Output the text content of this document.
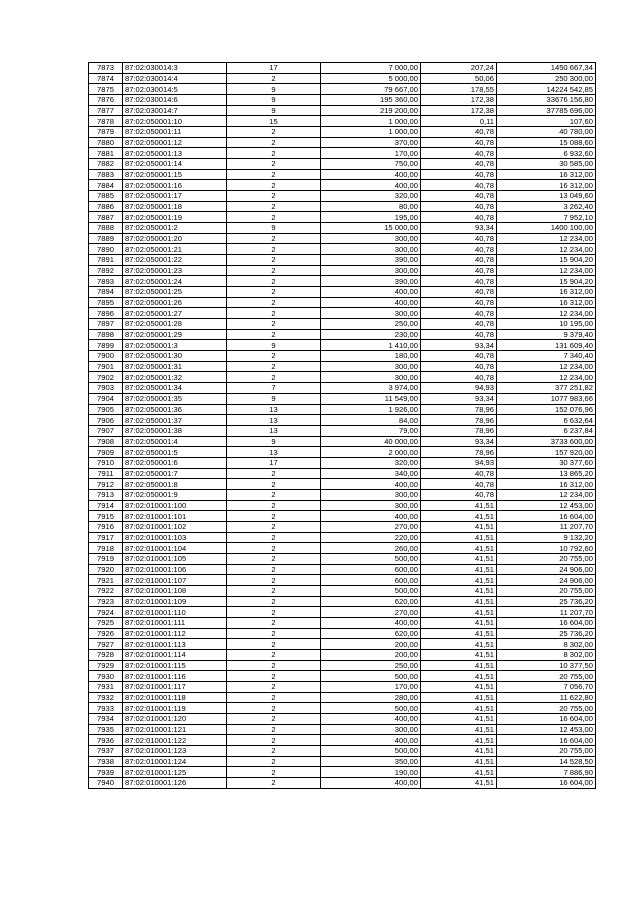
7873	87:02:030014:3	17	7 000,00	207,24	1450 667,34
7874	87:02:030014:4	2	5 000,00	50,06	250 300,00
7875	87:02:030014:5	9	79 667,00	178,55	14224 542,85
7876	87:02:030014:6	9	195 360,00	172,38	33676 156,80
7877	87:02:030014:7	9	219 200,00	172,38	37785 696,00
7878	87:02:050001:10	15	1 000,00	0,11	107,60
7879	87:02:050001:11	2	1 000,00	40,78	40 780,00
7880	87:02:050001:12	2	370,00	40,78	15 088,60
7881	87:02:050001:13	2	170,00	40,78	6 932,60
7882	87:02:050001:14	2	750,00	40,78	30 585,00
7883	87:02:050001:15	2	400,00	40,78	16 312,00
7884	87:02:050001:16	2	400,00	40,78	16 312,00
7885	87:02:050001:17	2	320,00	40,78	13 049,60
7886	87:02:050001:18	2	80,00	40,78	3 262,40
7887	87:02:050001:19	2	195,00	40,78	7 952,10
7888	87:02:050001:2	9	15 000,00	93,34	1400 100,00
7889	87:02:050001:20	2	300,00	40,78	12 234,00
7890	87:02:050001:21	2	300,00	40,78	12 234,00
7891	87:02:050001:22	2	390,00	40,78	15 904,20
7892	87:02:050001:23	2	300,00	40,78	12 234,00
7893	87:02:050001:24	2	390,00	40,78	15 904,20
7894	87:02:050001:25	2	400,00	40,78	16 312,00
7895	87:02:050001:26	2	400,00	40,78	16 312,00
7896	87:02:050001:27	2	300,00	40,78	12 234,00
7897	87:02:050001:28	2	250,00	40,78	10 195,00
7898	87:02:050001:29	2	230,00	40,78	9 379,40
7899	87:02:050001:3	9	1 410,00	93,34	131 609,40
7900	87:02:050001:30	2	180,00	40,78	7 340,40
7901	87:02:050001:31	2	300,00	40,78	12 234,00
7902	87:02:050001:32	2	300,00	40,78	12 234,00
7903	87:02:050001:34	7	3 974,00	94,93	377 251,82
7904	87:02:050001:35	9	11 549,00	93,34	1077 983,66
7905	87:02:050001:36	13	1 926,00	78,96	152 076,96
7906	87:02:050001:37	13	84,00	78,96	6 632,64
7907	87:02:050001:38	13	79,00	78,96	6 237,84
7908	87:02:050001:4	9	40 000,00	93,34	3733 600,00
7909	87:02:050001:5	13	2 000,00	78,96	157 920,00
7910	87:02:050001:6	17	320,00	94,93	30 377,60
7911	87:02:050001:7	2	340,00	40,78	13 865,20
7912	87:02:050001:8	2	400,00	40,78	16 312,00
7913	87:02:050001:9	2	300,00	40,78	12 234,00
7914	87:02:010001:100	2	300,00	41,51	12 453,00
7915	87:02:010001:101	2	400,00	41,51	16 604,00
7916	87:02:010001:102	2	270,00	41,51	11 207,70
7917	87:02:010001:103	2	220,00	41,51	9 132,20
7918	87:02:010001:104	2	260,00	41,51	10 792,60
7919	87:02:010001:105	2	500,00	41,51	20 755,00
7920	87:02:010001:106	2	600,00	41,51	24 906,00
7921	87:02:010001:107	2	600,00	41,51	24 906,00
7922	87:02:010001:108	2	500,00	41,51	20 755,00
7923	87:02:010001:109	2	620,00	41,51	25 736,20
7924	87:02:010001:110	2	270,00	41,51	11 207,70
7925	87:02:010001:111	2	400,00	41,51	16 604,00
7926	87:02:010001:112	2	620,00	41,51	25 736,20
7927	87:02:010001:113	2	200,00	41,51	8 302,00
7928	87:02:010001:114	2	200,00	41,51	8 302,00
7929	87:02:010001:115	2	250,00	41,51	10 377,50
7930	87:02:010001:116	2	500,00	41,51	20 755,00
7931	87:02:010001:117	2	170,00	41,51	7 056,70
7932	87:02:010001:118	2	280,00	41,51	11 622,80
7933	87:02:010001:119	2	500,00	41,51	20 755,00
7934	87:02:010001:120	2	400,00	41,51	16 604,00
7935	87:02:010001:121	2	300,00	41,51	12 453,00
7936	87:02:010001:122	2	400,00	41,51	16 604,00
7937	87:02:010001:123	2	500,00	41,51	20 755,00
7938	87:02:010001:124	2	350,00	41,51	14 528,50
7939	87:02:010001:125	2	190,00	41,51	7 886,90
7940	87:02:010001:126	2	400,00	41,51	16 604,00
